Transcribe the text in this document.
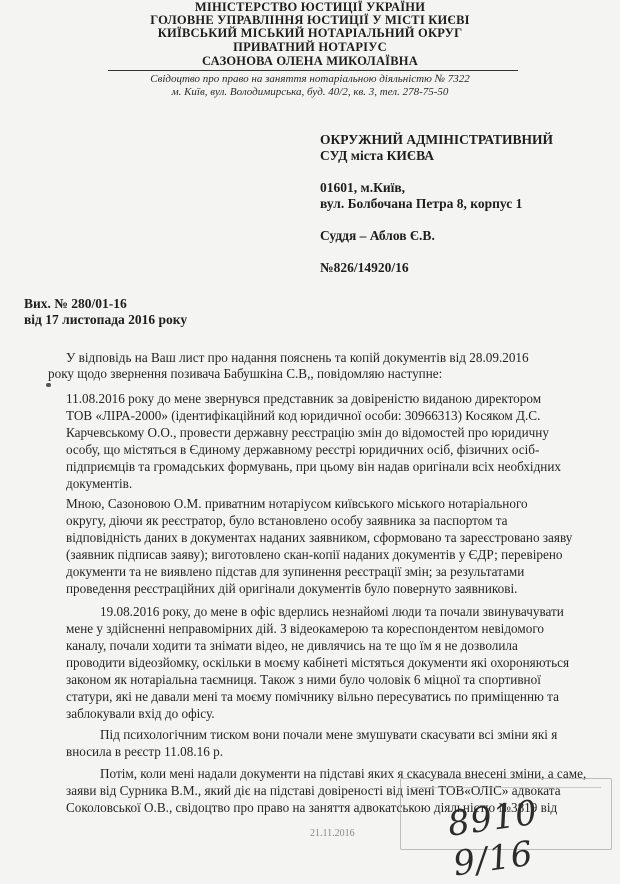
МІНІСТЕРСТВО ЮСТИЦІЇ УКРАЇНИ
ГОЛОВНЕ УПРАВЛІННЯ ЮСТИЦІЇ У МІСТІ КИЄВІ
КИЇВСЬКИЙ МІСЬКИЙ НОТАРІАЛЬНИЙ ОКРУГ
ПРИВАТНИЙ НОТАРІУС
САЗОНОВА ОЛЕНА МИКОЛАЇВНА
Свідоцтво про право на заняття нотаріальною діяльністю № 7322
м. Київ, вул. Володимирська, буд. 40/2, кв. 3, тел. 278-75-50
ОКРУЖНИЙ АДМІНІСТРАТИВНИЙ
СУД міста КИЄВА
01601, м.Київ,
вул. Болбочана Петра 8, корпус 1
Суддя – Аблов Є.В.
№826/14920/16
Вих. № 280/01-16
від 17 листопада 2016 року
У відповідь на Ваш лист про надання пояснень та копій документів від 28.09.2016
року щодо звернення позивача Бабушкіна С.В,, повідомляю наступне:
11.08.2016 року до мене звернувся представник за довіреністю виданою директором
ТОВ «ЛІРА-2000» (ідентифікаційний код юридичної особи: 30966313) Косяком Д.С.
Карчевському О.О., провести державну реєстрацію змін до відомостей про юридичну
особу, що містяться в Єдиному державному реєстрі юридичних осіб, фізичних осіб-
підприємців та громадських формувань, при цьому він надав оригінали всіх необхідних
документів.
Мною, Сазоновою О.М. приватним нотаріусом київського міського нотаріального
округу, діючи як реєстратор, було встановлено особу заявника за паспортом та
відповідність даних в документах наданих заявником, сформовано та зареєстровано заяву
(заявник підписав заяву); виготовлено скан-копії наданих документів у ЄДР; перевірено
документи та не виявлено підстав для зупинення реєстрації змін; за результатами
проведення реєстраційних дій оригінали документів було повернуто заявникові.
19.08.2016 року, до мене в офіс вдерлись незнайомі люди та почали звинувачувати
мене у здійсненні неправомірних дій. З відеокамерою та кореспондентом невідомого
каналу, почали ходити та знімати відео, не дивлячись на те що їм я не дозволила
проводити відеозйомку, оскільки в моєму кабінеті містяться документи які охороняються
законом як нотаріальна таємниця. Також з ними було чоловік 6 міцної та спортивної
статури, які не давали мені та моєму помічнику вільно пересуватись по приміщенню та
заблокували вхід до офісу.
Під психологічним тиском вони почали мене змушувати скасувати всі зміни які я
вносила в реєстр 11.08.16 р.
Потім, коли мені надали документи на підставі яких я скасувала внесені зміни, а саме,
заяви від Сурника В.М., який діє на підставі довіреності від імені ТОВ«ОЛІС» адвоката
Соколовської О.В., свідоцтво про право на заняття адвокатською діяльністю №3819 від
8910 9/16
21.11.2016
